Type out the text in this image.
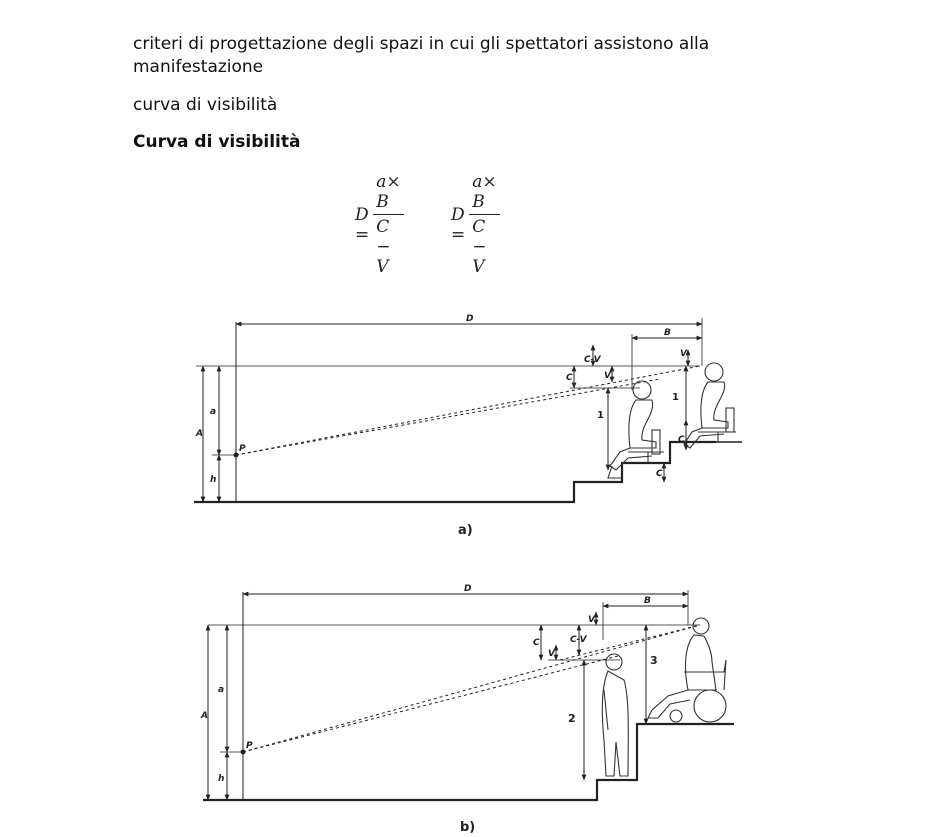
criteri di progettazione degli spazi in cui gli spettatori assistono alla manifestazione

curva di visibilità

Curva di visibilità

$D = \frac{a\times B}{C - V}$	$D = \frac{a\times B}{C - V}$
D
B
A
a
h
P
C
C-V
V
V
C
C
1
1
a)
D
B
A
a
h
P
C
V
C-V
V
2
3
b)
